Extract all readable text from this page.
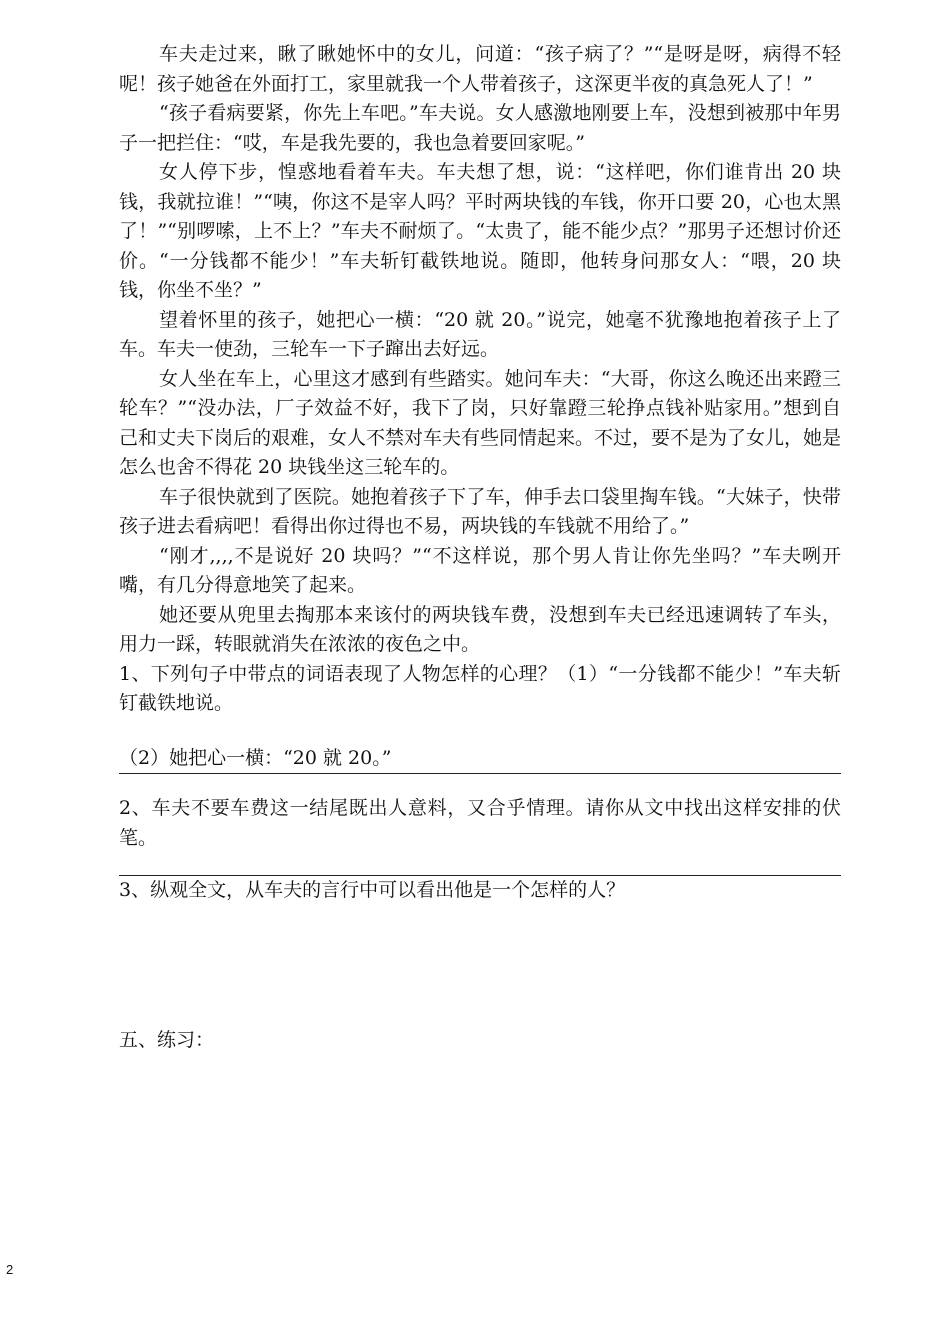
车夫走过来，瞅了瞅她怀中的女儿，问道：“孩子病了？”“是呀是呀，病得不轻呢！孩子她爸在外面打工，家里就我一个人带着孩子，这深更半夜的真急死人了！”

“孩子看病要紧，你先上车吧。”车夫说。女人感激地刚要上车，没想到被那中年男子一把拦住：“哎，车是我先要的，我也急着要回家呢。”

女人停下步，惶惑地看着车夫。车夫想了想，说：“这样吧，你们谁肯出 20 块钱，我就拉谁！”“咦，你这不是宰人吗？平时两块钱的车钱，你开口要 20，心也太黑了！”“别啰嗦，上不上？”车夫不耐烦了。“太贵了，能不能少点？”那男子还想讨价还价。“一分钱都不能少！”车夫斩钉截铁地说。随即，他转身问那女人：“喂，20 块钱，你坐不坐？”

望着怀里的孩子，她把心一横：“20 就 20。”说完，她毫不犹豫地抱着孩子上了车。车夫一使劲，三轮车一下子蹿出去好远。

女人坐在车上，心里这才感到有些踏实。她问车夫：“大哥，你这么晚还出来蹬三轮车？”“没办法，厂子效益不好，我下了岗，只好靠蹬三轮挣点钱补贴家用。”想到自己和丈夫下岗后的艰难，女人不禁对车夫有些同情起来。不过，要不是为了女儿，她是怎么也舍不得花 20 块钱坐这三轮车的。

车子很快就到了医院。她抱着孩子下了车，伸手去口袋里掏车钱。“大妹子，快带孩子进去看病吧！看得出你过得也不易，两块钱的车钱就不用给了。”

“刚才,,,,不是说好 20 块吗？”“不这样说，那个男人肯让你先坐吗？”车夫咧开嘴，有几分得意地笑了起来。

她还要从兜里去掏那本来该付的两块钱车费，没想到车夫已经迅速调转了车头，用力一踩，转眼就消失在浓浓的夜色之中。

1、下列句子中带点的词语表现了人物怎样的心理？（1）“一分钱都不能少！”车夫斩钉截铁地说。

（2）她把心一横：“20 就 20。”

2、车夫不要车费这一结尾既出人意料，又合乎情理。请你从文中找出这样安排的伏笔。

3、纵观全文，从车夫的言行中可以看出他是一个怎样的人？

五、练习：

2
